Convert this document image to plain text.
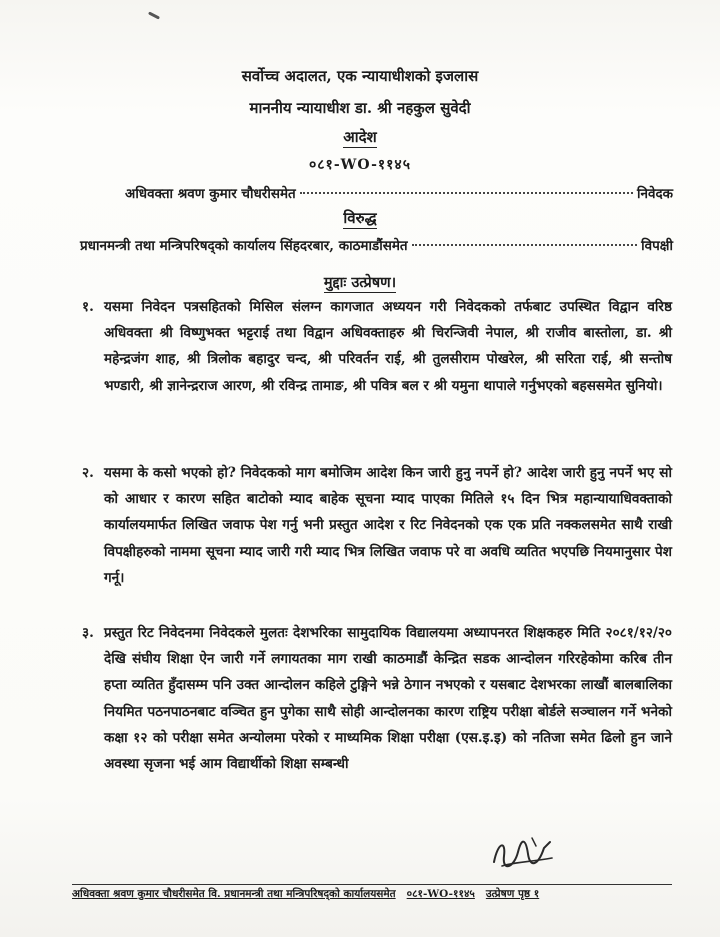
सर्वोच्च अदालत, एक न्यायाधीशको इजलास
माननीय न्यायाधीश डा. श्री नहकुल सुवेदी
आदेश
०८१-WO-११४५
अधिवक्ता श्रवण कुमार चौधरीसमेत	निवेदक
विरुद्ध
प्रधानमन्त्री तथा मन्त्रिपरिषद्को कार्यालय सिंहदरबार, काठमाडौंसमेत	विपक्षी
मुद्दाः उत्प्रेषण।
१. यसमा निवेदन पत्रसहितको मिसिल संलग्न कागजात अध्ययन गरी निवेदकको तर्फबाट उपस्थित विद्वान वरिष्ठ अधिवक्ता श्री विष्णुभक्त भट्टराई तथा विद्वान अधिवक्ताहरु श्री चिरन्जिवी नेपाल, श्री राजीव बास्तोला, डा. श्री महेन्द्रजंग शाह, श्री त्रिलोक बहादुर चन्द, श्री परिवर्तन राई, श्री तुलसीराम पोखरेल, श्री सरिता राई, श्री सन्तोष भण्डारी, श्री ज्ञानेन्द्रराज आरण, श्री रविन्द्र तामाङ, श्री पवित्र बल र श्री यमुना थापाले गर्नुभएको बहससमेत सुनियो।
२. यसमा के कसो भएको हो? निवेदकको माग बमोजिम आदेश किन जारी हुनु नपर्ने हो? आदेश जारी हुनु नपर्ने भए सो को आधार र कारण सहित बाटोको म्याद बाहेक सूचना म्याद पाएका मितिले १५ दिन भित्र महान्यायाधिवक्ताको कार्यालयमार्फत लिखित जवाफ पेश गर्नु भनी प्रस्तुत आदेश र रिट निवेदनको एक एक प्रति नक्कलसमेत साथै राखी विपक्षीहरुको नाममा सूचना म्याद जारी गरी म्याद भित्र लिखित जवाफ परे वा अवधि व्यतित भएपछि नियमानुसार पेश गर्नू।
३. प्रस्तुत रिट निवेदनमा निवेदकले मुलतः देशभरिका सामुदायिक विद्यालयमा अध्यापनरत शिक्षकहरु मिति २०८१/१२/२० देखि संघीय शिक्षा ऐन जारी गर्ने लगायतका माग राखी काठमाडौं केन्द्रित सडक आन्दोलन गरिरहेकोमा करिब तीन हप्ता व्यतित हुँदासम्म पनि उक्त आन्दोलन कहिले टुङ्गिने भन्ने ठेगान नभएको र यसबाट देशभरका लाखौं बालबालिका नियमित पठनपाठनबाट वञ्चित हुन पुगेका साथै सोही आन्दोलनका कारण राष्ट्रिय परीक्षा बोर्डले सञ्चालन गर्ने भनेको कक्षा १२ को परीक्षा समेत अन्योलमा परेको र माध्यमिक शिक्षा परीक्षा (एस.इ.इ) को नतिजा समेत ढिलो हुन जाने अवस्था सृजना भई आम विद्यार्थीको शिक्षा सम्बन्धी
अधिवक्ता श्रवण कुमार चौधरीसमेत वि. प्रधानमन्त्री तथा मन्त्रिपरिषद्को कार्यालयसमेत ०८१-WO-११४५ उत्प्रेषण पृष्ठ १
